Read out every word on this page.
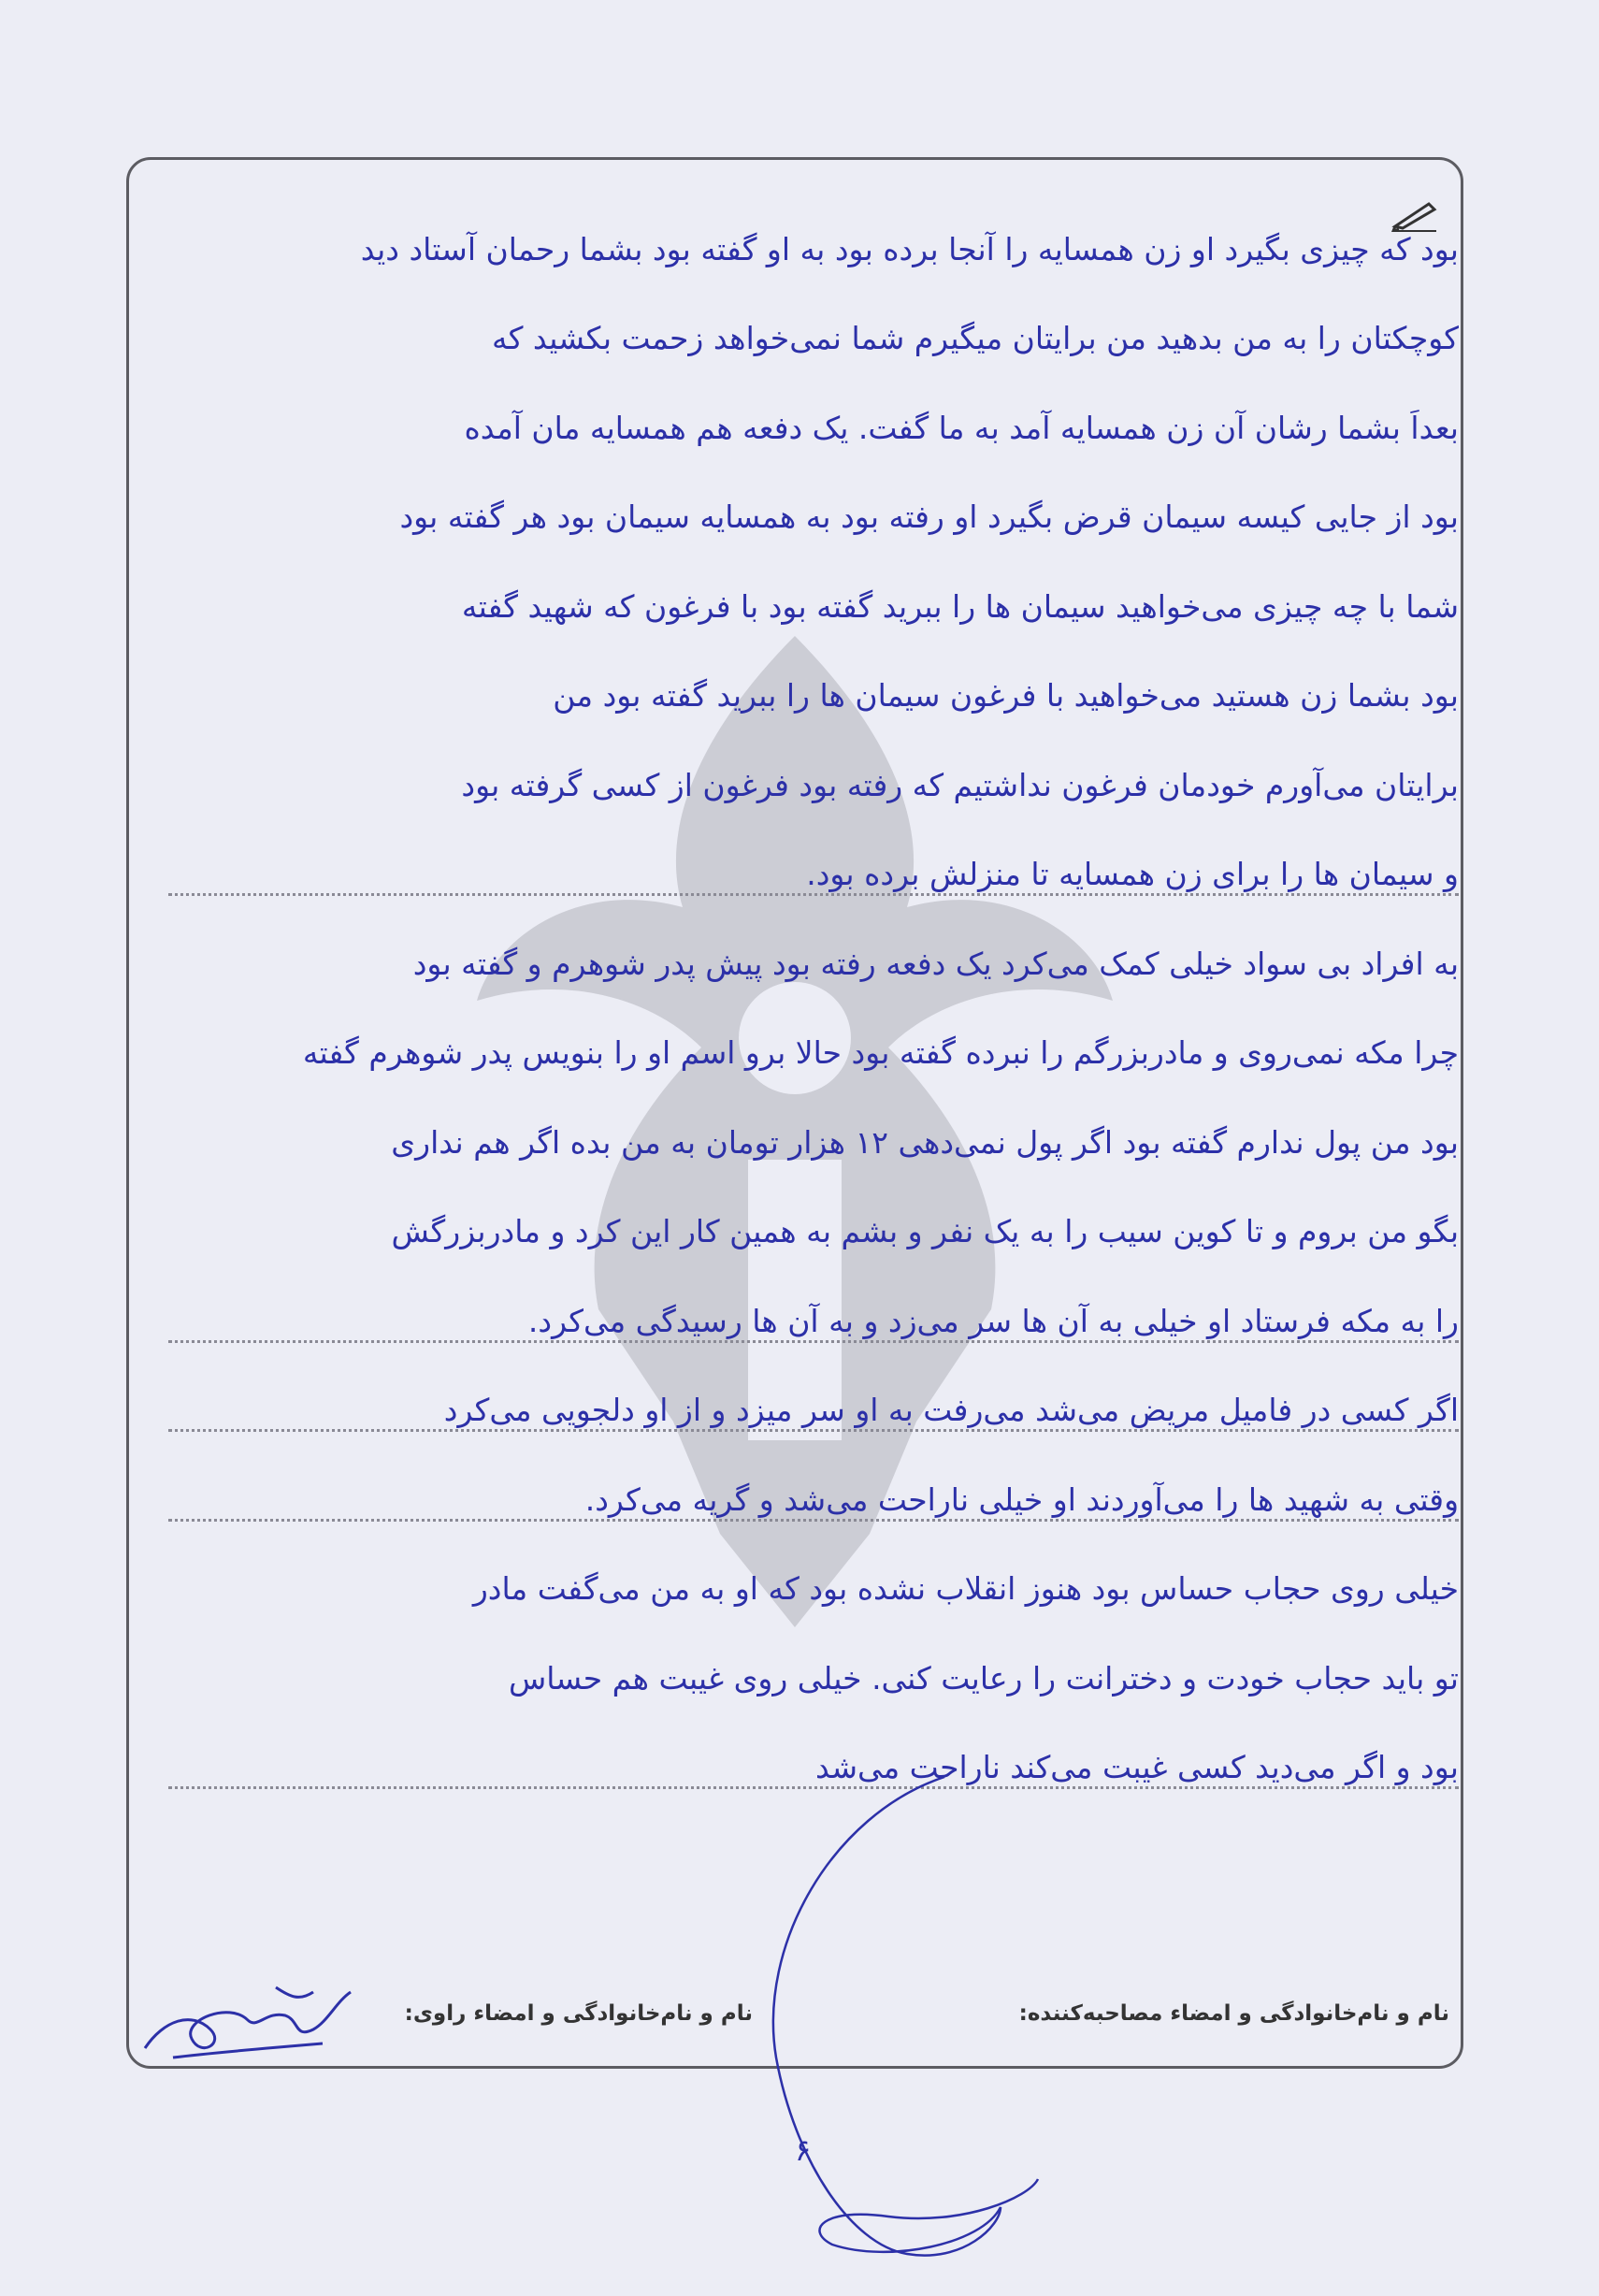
بود که چیزی بگیرد او زن همسایه را آنجا برده بود به او گفته بود بشما رحمان آستاد دید
کوچکتان را به من بدهید من برایتان میگیرم شما نمی‌خواهد زحمت بکشید که
بعداً بشما رشان آن زن همسایه آمد به ما گفت. یک دفعه هم همسایه مان آمده
بود از جایی کیسه سیمان قرض بگیرد او رفته بود به همسایه سیمان بود هر گفته بود
شما با چه چیزی می‌خواهید سیمان ها را ببرید گفته بود با فرغون که شهید گفته
بود بشما زن هستید می‌خواهید با فرغون سیمان ها را ببرید گفته بود من
برایتان می‌آورم خودمان فرغون نداشتیم که رفته بود فرغون از کسی گرفته بود
و سیمان ها را برای زن همسایه تا منزلش برده بود.
به افراد بی سواد خیلی کمک می‌کرد یک دفعه رفته بود پیش پدر شوهرم و گفته بود
چرا مکه نمی‌روی و مادربزرگم را نبرده گفته بود حالا برو اسم او را بنویس پدر شوهرم گفته
بود من پول ندارم گفته بود اگر پول نمی‌دهی ۱۲ هزار تومان به من بده اگر هم نداری
بگو من بروم و تا کوین سیب را به یک نفر و بشم به همین کار این کرد و مادربزرگش
را به مکه فرستاد او خیلی به آن ها سر می‌زد و به آن ها رسیدگی می‌کرد.
اگر کسی در فامیل مریض می‌شد می‌رفت به او سر میزد و از او دلجویی می‌کرد
وقتی به شهید ها را می‌آوردند او خیلی ناراحت می‌شد و گریه می‌کرد.
خیلی روی حجاب حساس بود هنوز انقلاب نشده بود که او به من می‌گفت مادر
تو باید حجاب خودت و دخترانت را رعایت کنی. خیلی روی غیبت هم حساس
بود و اگر می‌دید کسی غیبت می‌کند ناراحت می‌شد
نام و نام‌خانوادگی و امضاء مصاحبه‌کننده:
نام و نام‌خانوادگی و امضاء راوی:
۶
